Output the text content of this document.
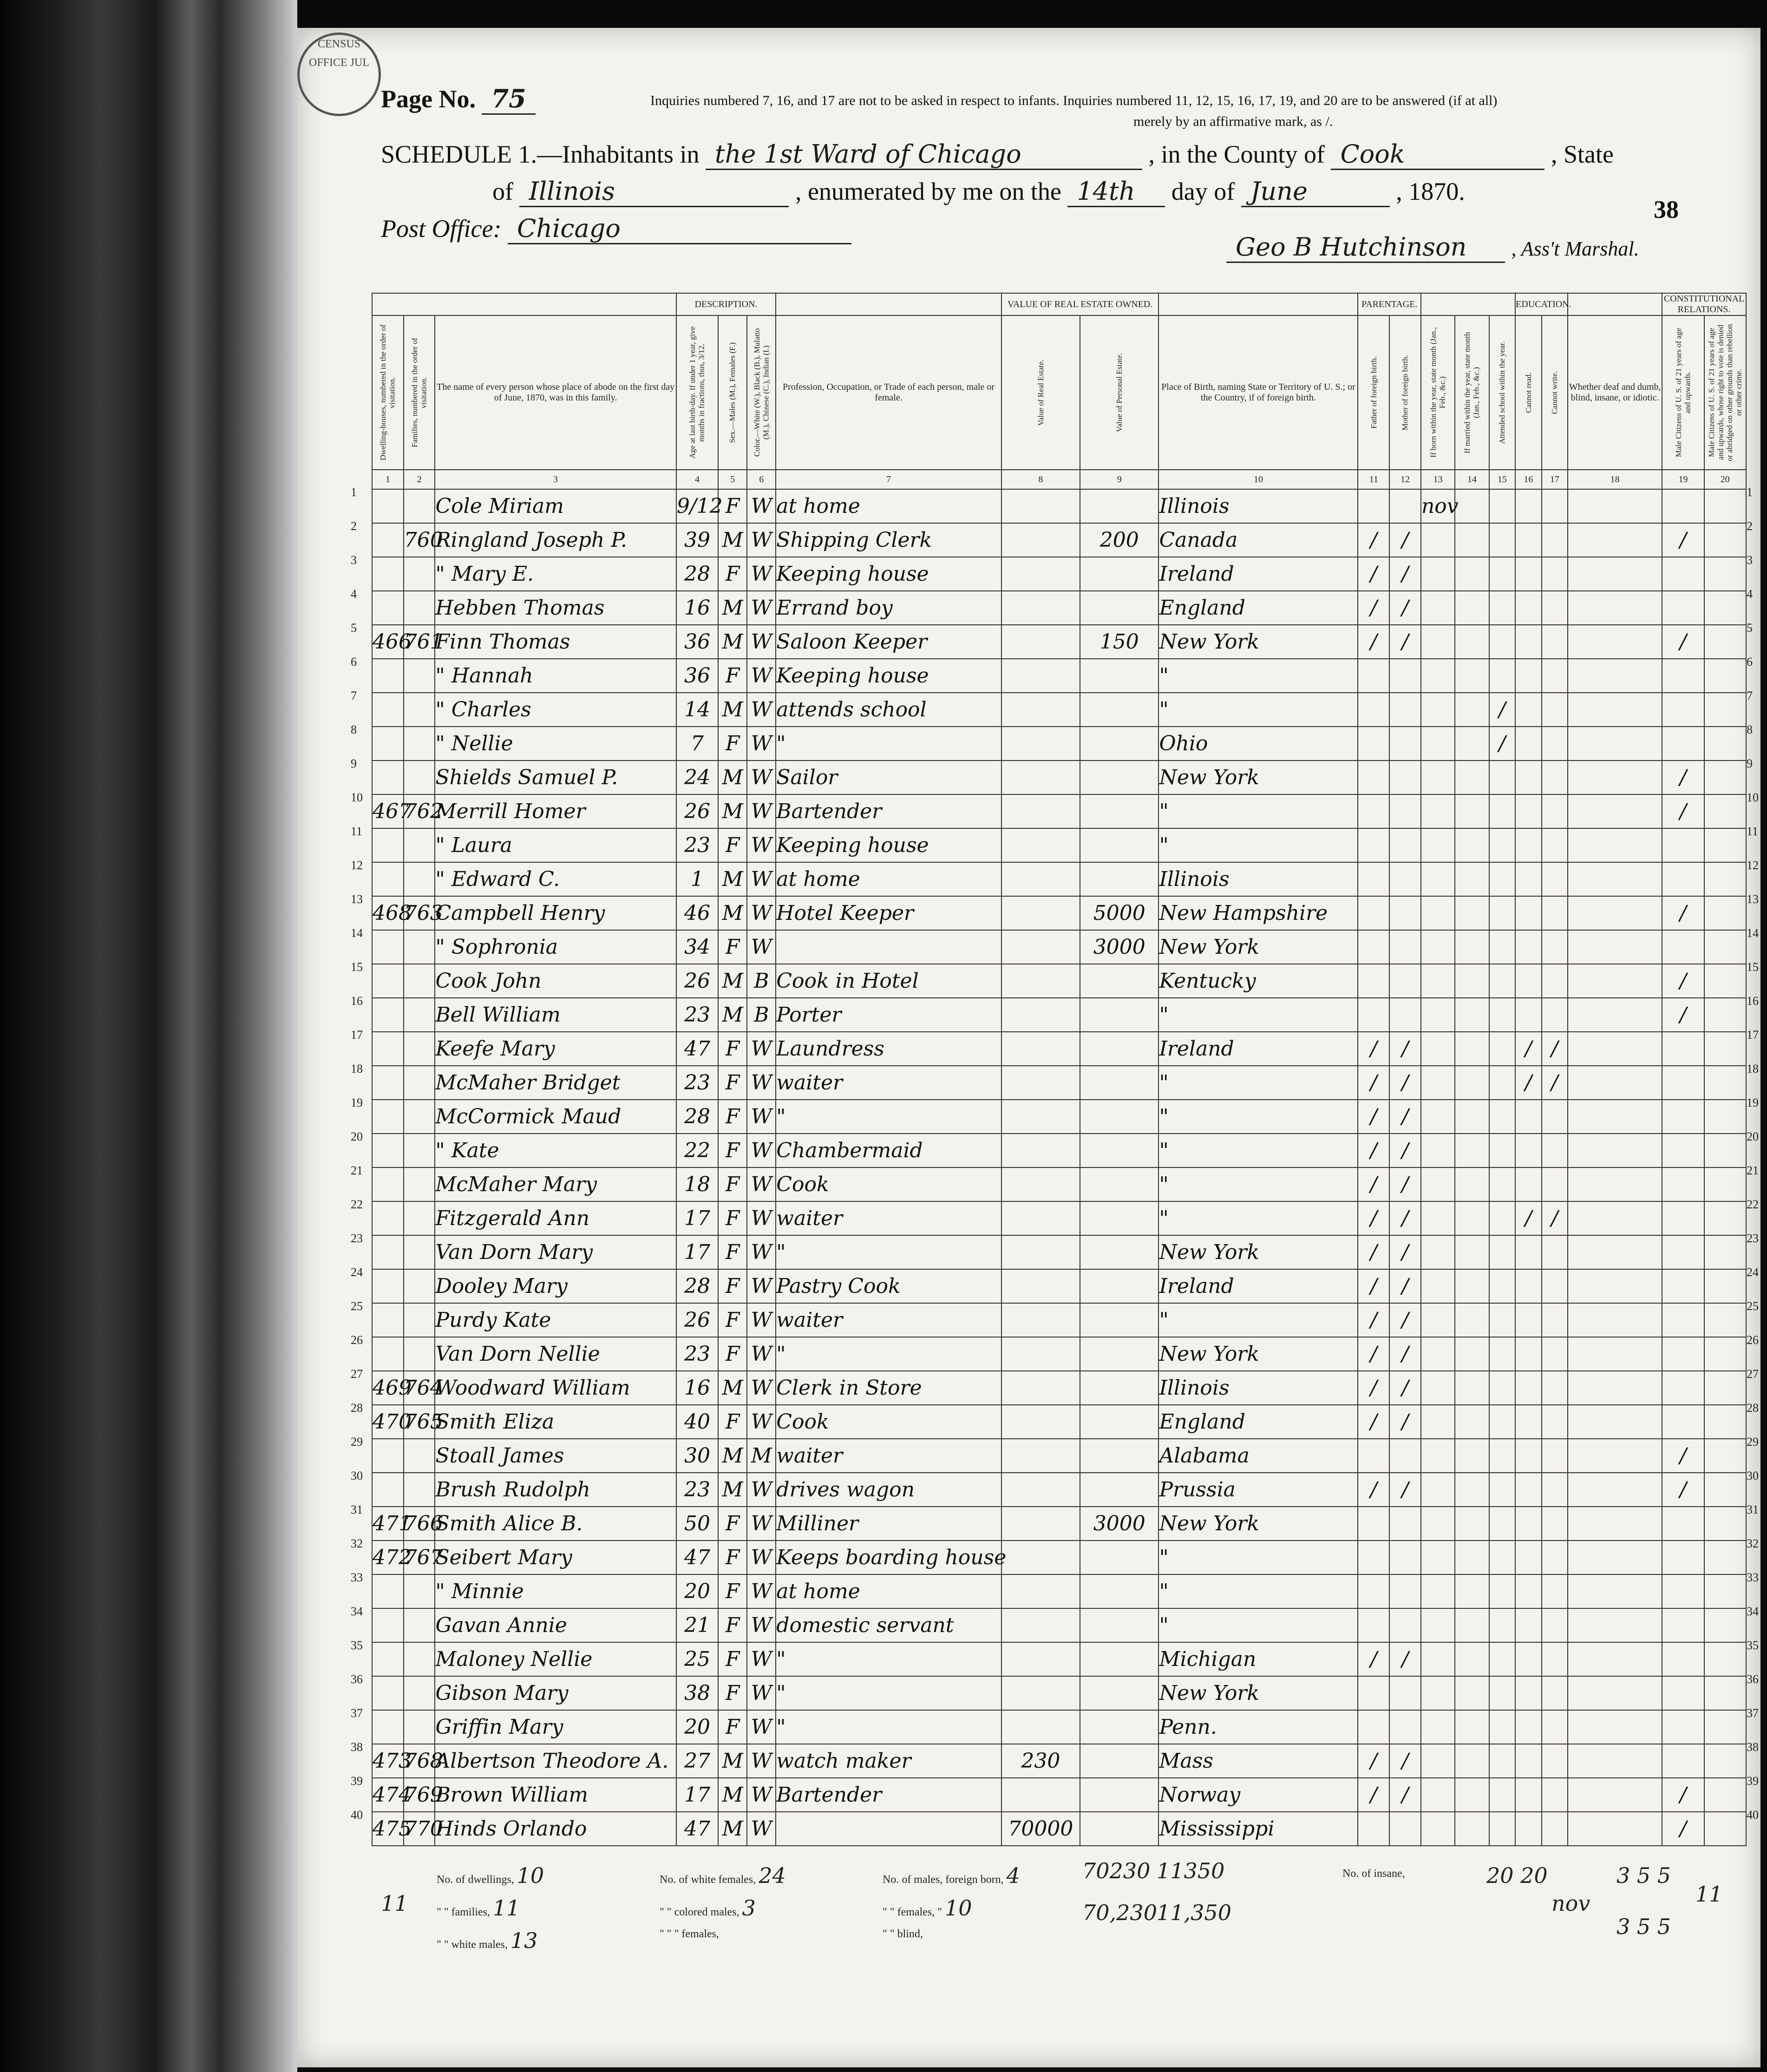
CENSUS OFFICE JUL
Page No. 75	Inquiries numbered 7, 16, and 17 are not to be asked in respect to infants. Inquiries numbered 11, 12, 15, 16, 17, 19, and 20 are to be answered (if at all)
merely by an affirmative mark, as /.
SCHEDULE 1.—Inhabitants in the 1st Ward of Chicago	, in the County of Cook	, State
of Illinois	, enumerated by me on the 14th day of June	, 1870.
38
Post Office: Chicago
Geo B Hutchinson , Ass't Marshal.
			DESCRIPTION.				VALUE OF REAL ESTATE OWNED.			PARENTAGE.					EDUCATION.			CONSTITUTIONAL RELATIONS.	

Dwelling-houses, numbered in the order of visitation.	Families, numbered in the order of visitation.	The name of every person whose place of abode on the first day of June, 1870, was in this family.	Age at last birth-day. If under 1 year, give months in fractions, thus, 3/12.	Sex.—Males (M.), Females (F.)	Color.—White (W.), Black (B.), Mulatto (M.), Chinese (C.), Indian (I.)	Profession, Occupation, or Trade of each person, male or female.	Value of Real Estate.	Value of Personal Estate.	Place of Birth, naming State or Territory of U. S.; or the Country, if of foreign birth.	Father of foreign birth.	Mother of foreign birth.	If born within the year, state month (Jan., Feb., &c.)	If married within the year, state month (Jan., Feb., &c.)	Attended school within the year.	Cannot read.	Cannot write.	Whether deaf and dumb, blind, insane, or idiotic.	Male Citizens of U. S. of 21 years of age and upwards.	Male Citizens of U. S. of 21 years of age and upwards, whose right to vote is denied or abridged on other grounds than rebellion or other crime.

1	2	3	4	5	6	7	8	9	10	11	12	13	14	15	16	17	18	19	20
		Cole Miriam	9/12	F	W	at home			Illinois			nov							
	760	Ringland Joseph P.	39	M	W	Shipping Clerk		200	Canada	/	/							/	
		" Mary E.	28	F	W	Keeping house			Ireland	/	/								
		Hebben Thomas	16	M	W	Errand boy			England	/	/								
466	761	Finn Thomas	36	M	W	Saloon Keeper		150	New York	/	/							/	
		" Hannah	36	F	W	Keeping house			"										
		" Charles	14	M	W	attends school			"					/					
		" Nellie	7	F	W	"			Ohio					/					
		Shields Samuel P.	24	M	W	Sailor			New York									/	
467	762	Merrill Homer	26	M	W	Bartender			"									/	
		" Laura	23	F	W	Keeping house			"										
		" Edward C.	1	M	W	at home			Illinois										
468	763	Campbell Henry	46	M	W	Hotel Keeper		5000	New Hampshire									/	
		" Sophronia	34	F	W			3000	New York										
		Cook John	26	M	B	Cook in Hotel			Kentucky									/	
		Bell William	23	M	B	Porter			"									/	
		Keefe Mary	47	F	W	Laundress			Ireland	/	/				/	/			
		McMaher Bridget	23	F	W	waiter			"	/	/				/	/			
		McCormick Maud	28	F	W	"			"	/	/								
		" Kate	22	F	W	Chambermaid			"	/	/								
		McMaher Mary	18	F	W	Cook			"	/	/								
		Fitzgerald Ann	17	F	W	waiter			"	/	/				/	/			
		Van Dorn Mary	17	F	W	"			New York	/	/								
		Dooley Mary	28	F	W	Pastry Cook			Ireland	/	/								
		Purdy Kate	26	F	W	waiter			"	/	/								
		Van Dorn Nellie	23	F	W	"			New York	/	/								
469	764	Woodward William	16	M	W	Clerk in Store			Illinois	/	/								
470	765	Smith Eliza	40	F	W	Cook			England	/	/								
		Stoall James	30	M	M	waiter			Alabama									/	
		Brush Rudolph	23	M	W	drives wagon			Prussia	/	/							/	
471	766	Smith Alice B.	50	F	W	Milliner		3000	New York										
472	767	Seibert Mary	47	F	W	Keeps boarding house			"										
		" Minnie	20	F	W	at home			"										
		Gavan Annie	21	F	W	domestic servant			"										
		Maloney Nellie	25	F	W	"			Michigan	/	/								
		Gibson Mary	38	F	W	"			New York										
		Griffin Mary	20	F	W	"			Penn.										
473	768	Albertson Theodore A.	27	M	W	watch maker	230		Mass	/	/								
474	769	Brown William	17	M	W	Bartender			Norway	/	/							/	
475	770	Hinds Orlando	47	M	W		70000		Mississippi									/	
11
No. of dwellings, 10
" " families, 11
" " white males, 13
No. of white females, 24
" " colored males, 3
" " " females,
No. of males, foreign born, 4
" " females, " 10
" " blind,
70230
70,230
11350
11,350
No. of insane,	20 20
nov
3 5 5
3 5 5
11
1
1
2
2
3
3
4
4
5
5
6
6
7
7
8
8
9
9
10
10
11
11
12
12
13
13
14
14
15
15
16
16
17
17
18
18
19
19
20
20
21
21
22
22
23
23
24
24
25
25
26
26
27
27
28
28
29
29
30
30
31
31
32
32
33
33
34
34
35
35
36
36
37
37
38
38
39
39
40
40
